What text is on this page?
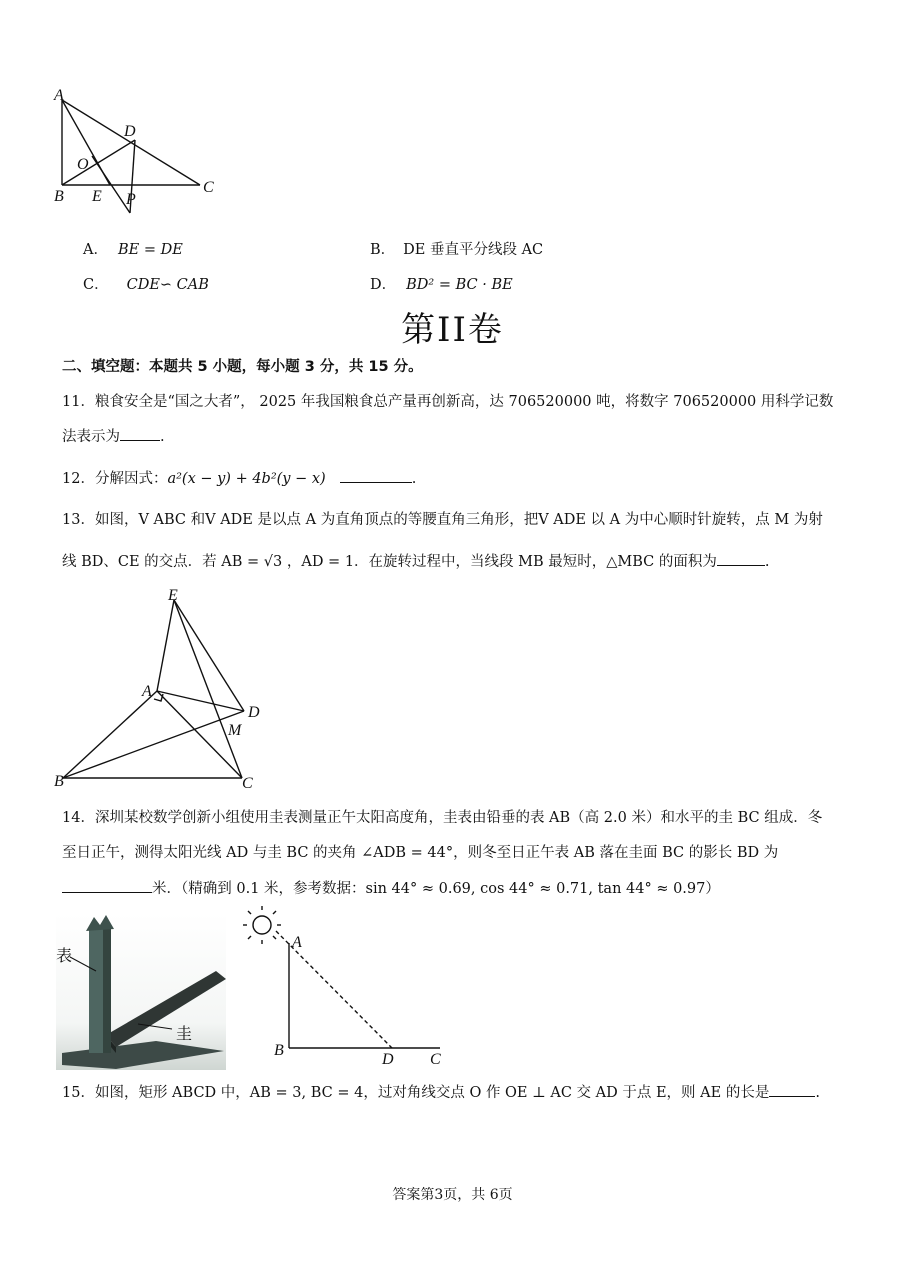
A
B
C
D
E
O
P
A． BE = DE	B． DE 垂直平分线段 AC
C． CDE∽ CAB	D． BD² = BC · BE
第II卷
二、填空题：本题共 5 小题，每小题 3 分，共 15 分。
11．粮食安全是“国之大者”， 2025 年我国粮食总产量再创新高，达 706520000 吨，将数字 706520000 用科学记数
法表示为	.
12．分解因式：a²(x − y) + 4b²(y − x)	.
13．如图，V ABC 和V ADE 是以点 A 为直角顶点的等腰直角三角形，把V ADE 以 A 为中心顺时针旋转，点 M 为射
线 BD、CE 的交点．若 AB = √3 ，AD = 1．在旋转过程中，当线段 MB 最短时，△MBC 的面积为	.
E
A
D
M
B	C
14．深圳某校数学创新小组使用圭表测量正午太阳高度角，圭表由铅垂的表 AB（高 2.0 米）和水平的圭 BC 组成．冬
至日正午，测得太阳光线 AD 与圭 BC 的夹角 ∠ADB = 44°，则冬至日正午表 AB 落在圭面 BC 的影长 BD 为
米．（精确到 0.1 米，参考数据：sin 44° ≈ 0.69, cos 44° ≈ 0.71, tan 44° ≈ 0.97）
表
圭
A
B
D C
15．如图，矩形 ABCD 中，AB = 3, BC = 4，过对角线交点 O 作 OE ⊥ AC 交 AD 于点 E，则 AE 的长是	.
答案第3页，共 6页
